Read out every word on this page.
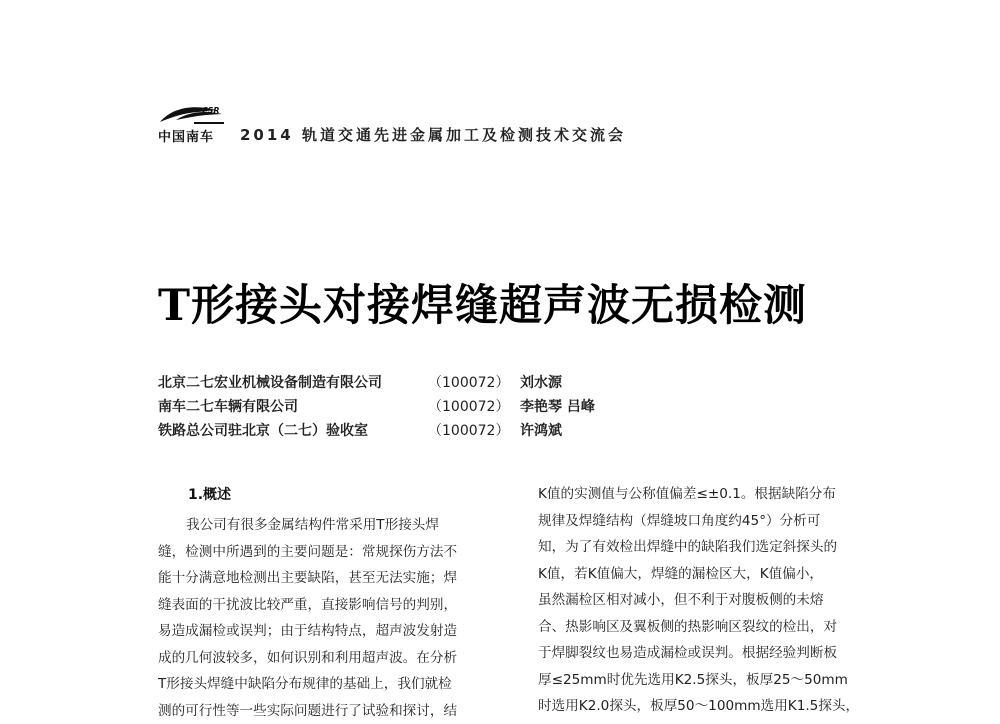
CSR
中国南车 2014 轨道交通先进金属加工及检测技术交流会
T形接头对接焊缝超声波无损检测
北京二七宏业机械设备制造有限公司	（100072） 刘水源
南车二七车辆有限公司	（100072） 李艳琴 吕峰
铁路总公司驻北京（二七）验收室	（100072） 许鸿斌
1.概述
我公司有很多金属结构件常采用T形接头焊
缝，检测中所遇到的主要问题是：常规探伤方法不
能十分满意地检测出主要缺陷，甚至无法实施；焊
缝表面的干扰波比较严重，直接影响信号的判别，
易造成漏检或误判；由于结构特点，超声波发射造
成的几何波较多，如何识别和利用超声波。在分析
T形接头焊缝中缺陷分布规律的基础上，我们就检
测的可行性等一些实际问题进行了试验和探讨，结
K值的实测值与公称值偏差≤±0.1。根据缺陷分布
规律及焊缝结构（焊缝坡口角度约45°）分析可
知，为了有效检出焊缝中的缺陷我们选定斜探头的
K值，若K值偏大，焊缝的漏检区大，K值偏小，
虽然漏检区相对减小，但不利于对腹板侧的未熔
合、热影响区及翼板侧的热影响区裂纹的检出，对
于焊脚裂纹也易造成漏检或误判。根据经验判断板
厚≤25mm时优先选用K2.5探头，板厚25～50mm
时选用K2.0探头，板厚50～100mm选用K1.5探头，
